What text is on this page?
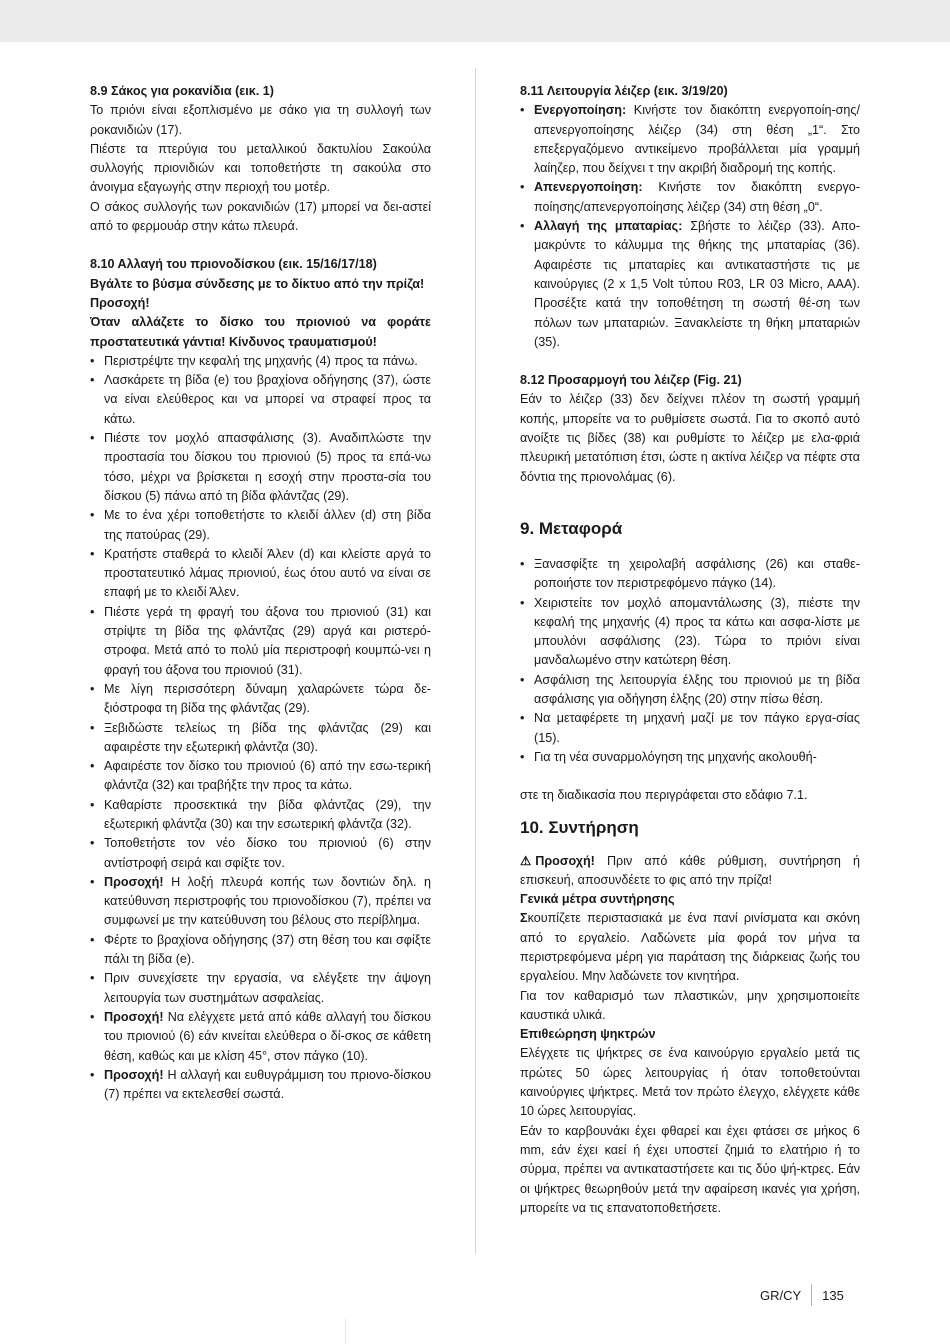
8.9 Σάκος για ροκανίδια (εικ. 1)

Το πριόνι είναι εξοπλισμένο με σάκο για τη συλλογή των ροκανιδιών (17).

Πιέστε τα πτερύγια του μεταλλικού δακτυλίου Σακούλα συλλογής πριονιδιών και τοποθετήστε τη σακούλα στο άνοιγμα εξαγωγής στην περιοχή του μοτέρ.

Ο σάκος συλλογής των ροκανιδιών (17) μπορεί να δει-αστεί από το φερμουάρ στην κάτω πλευρά.

8.10 Αλλαγή του πριονοδίσκου (εικ. 15/16/17/18)

Βγάλτε το βύσμα σύνδεσης με το δίκτυο από την πρίζα!

Προσοχή!

Όταν αλλάζετε το δίσκο του πριονιού να φοράτε προστατευτικά γάντια! Κίνδυνος τραυματισμού!

• Περιστρέψτε την κεφαλή της μηχανής (4) προς τα πάνω.
• Λασκάρετε τη βίδα (e) του βραχίονα οδήγησης (37), ώστε να είναι ελεύθερος και να μπορεί να στραφεί προς τα κάτω.
• Πιέστε τον μοχλό απασφάλισης (3). Αναδιπλώστε την προστασία του δίσκου του πριονιού (5) προς τα επά-νω τόσο, μέχρι να βρίσκεται η εσοχή στην προστα-σία του δίσκου (5) πάνω από τη βίδα φλάντζας (29).
• Με το ένα χέρι τοποθετήστε το κλειδί άλλεν (d) στη βίδα της πατούρας (29).
• Κρατήστε σταθερά το κλειδί Άλεν (d) και κλείστε αργά το προστατευτικό λάμας πριονιού, έως ότου αυτό να είναι σε επαφή με το κλειδί Άλεν.
• Πιέστε γερά τη φραγή του άξονα του πριονιού (31) και στρίψτε τη βίδα της φλάντζας (29) αργά και ριστερό-στροφα. Μετά από το πολύ μία περιστροφή κουμπώ-νει η φραγή του άξονα του πριονιού (31).
• Με λίγη περισσότερη δύναμη χαλαρώνετε τώρα δε-ξιόστροφα τη βίδα της φλάντζας (29).
• Ξεβιδώστε τελείως τη βίδα της φλάντζας (29) και αφαιρέστε την εξωτερική φλάντζα (30).
• Αφαιρέστε τον δίσκο του πριονιού (6) από την εσω-τερική φλάντζα (32) και τραβήξτε την προς τα κάτω.
• Καθαρίστε προσεκτικά την βίδα φλάντζας (29), την εξωτερική φλάντζα (30) και την εσωτερική φλάντζα (32).
• Τοποθετήστε τον νέο δίσκο του πριονιού (6) στην αντίστροφή σειρά και σφίξτε τον.
• Προσοχή! Η λοξή πλευρά κοπής των δοντιών δηλ. η κατεύθυνση περιστροφής του πριονοδίσκου (7), πρέπει να συμφωνεί με την κατεύθυνση του βέλους στο περίβλημα.
• Φέρτε το βραχίονα οδήγησης (37) στη θέση του και σφίξτε πάλι τη βίδα (e).
• Πριν συνεχίσετε την εργασία, να ελέγξετε την άψογη λειτουργία των συστημάτων ασφαλείας.
• Προσοχή! Να ελέγχετε μετά από κάθε αλλαγή του δίσκου του πριονιού (6) εάν κινείται ελεύθερα ο δί-σκος σε κάθετη θέση, καθώς και με κλίση 45°, στον πάγκο (10).
• Προσοχή! Η αλλαγή και ευθυγράμμιση του πριονο-δίσκου (7) πρέπει να εκτελεσθεί σωστά.

8.11 Λειτουργία λέιζερ (εικ. 3/19/20)

• Ενεργοποίηση: Κινήστε τον διακόπτη ενεργοποίη-σης/απενεργοποίησης λέιζερ (34) στη θέση „1“. Στο επεξεργαζόμενο αντικείμενο προβάλλεται μία γραμμή λαίηζερ, που δείχνει τ την ακριβή διαδρομή της κοπής.
• Απενεργοποίηση: Κινήστε τον διακόπτη ενεργο-ποίησης/απενεργοποίησης λέιζερ (34) στη θέση „0“.
• Αλλαγή της μπαταρίας: Σβήστε το λέιζερ (33). Απο-μακρύντε το κάλυμμα της θήκης της μπαταρίας (36). Αφαιρέστε τις μπαταρίες και αντικαταστήστε τις με καινούργιες (2 x 1,5 Volt τύπου R03, LR 03 Micro, AAA). Προσέξτε κατά την τοποθέτηση τη σωστή θέ-ση των πόλων των μπαταριών. Ξανακλείστε τη θήκη μπαταριών (35).

8.12 Προσαρμογή του λέιζερ (Fig. 21)

Εάν το λέιζερ (33) δεν δείχνει πλέον τη σωστή γραμμή κοπής, μπορείτε να το ρυθμίσετε σωστά. Για το σκοπό αυτό ανοίξτε τις βίδες (38) και ρυθμίστε το λέιζερ με ελα-φριά πλευρική μετατόπιση έτσι, ώστε η ακτίνα λέιζερ να πέφτε στα δόντια της πριονολάμας (6).

9. Μεταφορά
• Ξανασφίξτε τη χειρολαβή ασφάλισης (26) και σταθε-ροποιήστε τον περιστρεφόμενο πάγκο (14).
• Χειριστείτε τον μοχλό απομαντάλωσης (3), πιέστε την κεφαλή της μηχανής (4) προς τα κάτω και ασφα-λίστε με μπουλόνι ασφάλισης (23). Τώρα το πριόνι είναι μανδαλωμένο στην κατώτερη θέση.
• Ασφάλιση της λειτουργία έλξης του πριονιού με τη βίδα ασφάλισης για οδήγηση έλξης (20) στην πίσω θέση.
• Να μεταφέρετε τη μηχανή μαζί με τον πάγκο εργα-σίας (15).
• Για τη νέα συναρμολόγηση της μηχανής ακολουθή-

στε τη διαδικασία που περιγράφεται στο εδάφιο 7.1.

10. Συντήρηση

⚠ Προσοχή! Πριν από κάθε ρύθμιση, συντήρηση ή επισκευή, αποσυνδέετε το φις από την πρίζα!

Γενικά μέτρα συντήρησης

Σκουπίζετε περιστασιακά με ένα πανί ρινίσματα και σκόνη από το εργαλείο. Λαδώνετε μία φορά τον μήνα τα περιστρεφόμενα μέρη για παράταση της διάρκειας ζωής του εργαλείου. Μην λαδώνετε τον κινητήρα.

Για τον καθαρισμό των πλαστικών, μην χρησιμοποιείτε καυστικά υλικά.

Επιθεώρηση ψηκτρών

Ελέγχετε τις ψήκτρες σε ένα καινούργιο εργαλείο μετά τις πρώτες 50 ώρες λειτουργίας ή όταν τοποθετούνται καινούργιες ψήκτρες. Μετά τον πρώτο έλεγχο, ελέγχετε κάθε 10 ώρες λειτουργίας.

Εάν το καρβουνάκι έχει φθαρεί και έχει φτάσει σε μήκος 6 mm, εάν έχει καεί ή έχει υποστεί ζημιά το ελατήριο ή το σύρμα, πρέπει να αντικαταστήσετε και τις δύο ψή-κτρες. Εάν οι ψήκτρες θεωρηθούν μετά την αφαίρεση ικανές για χρήση, μπορείτε να τις επανατοποθετήσετε.

GR/CY 135
